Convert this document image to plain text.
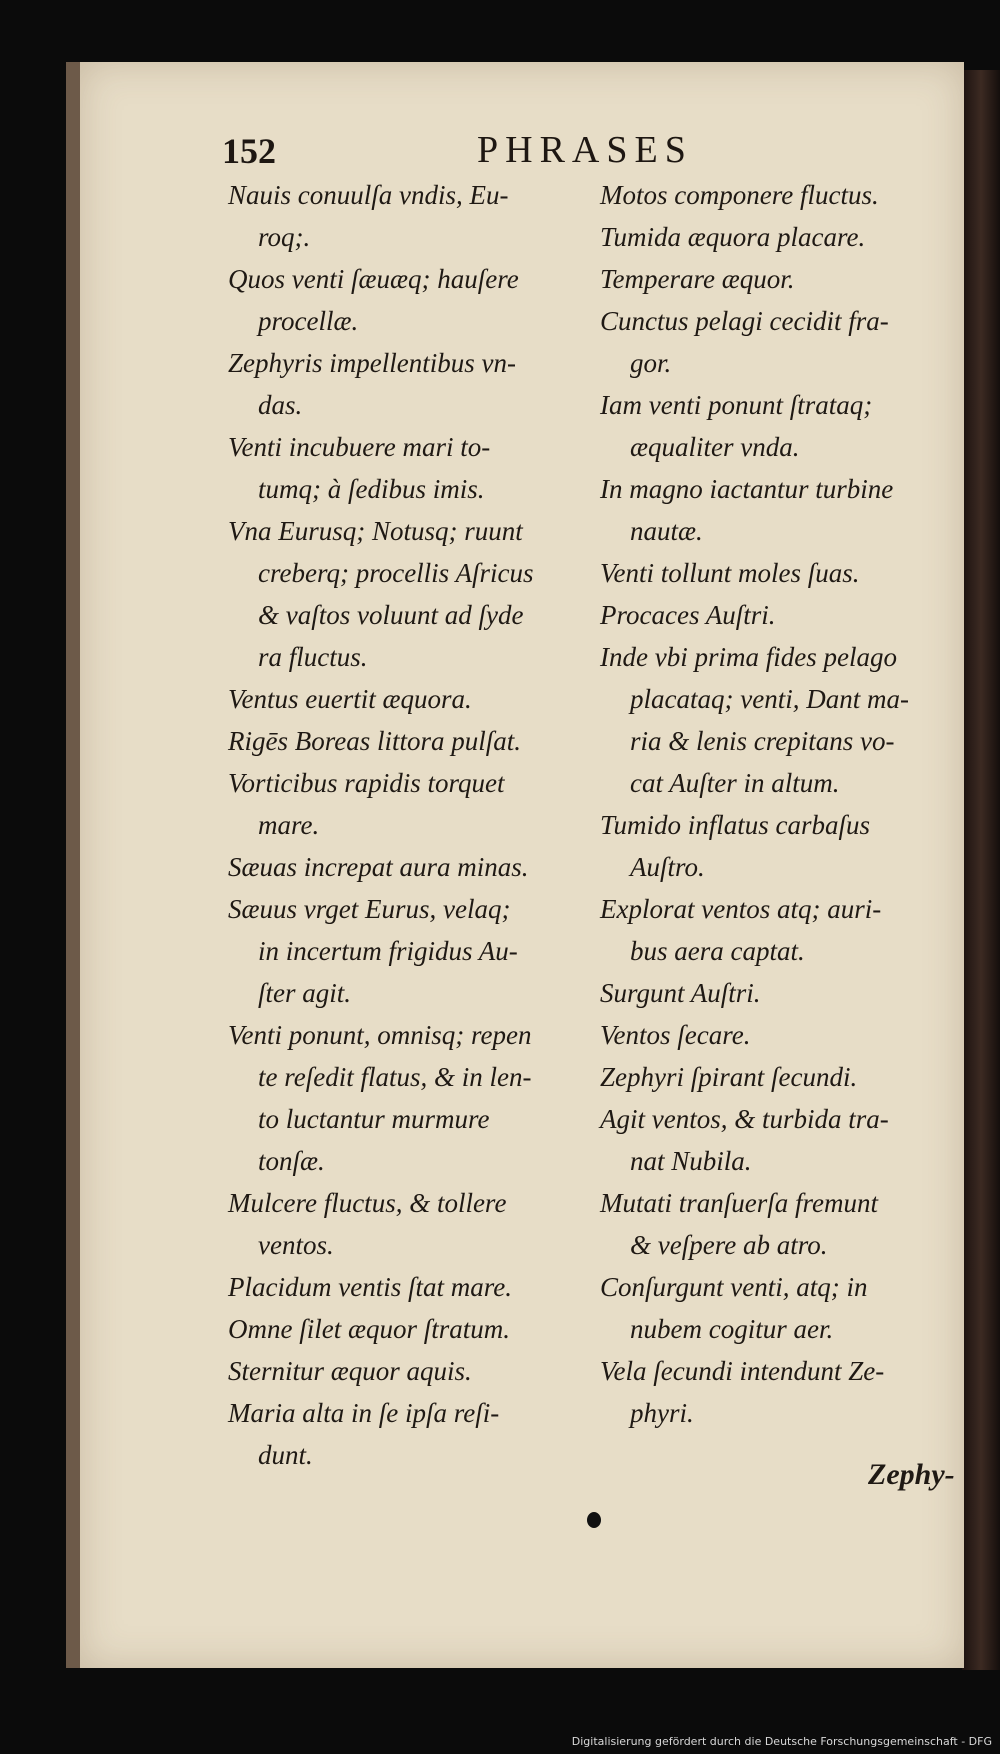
152	PHRASES
Nauis conuulſa vndis, Eu-
roq;.
Quos venti ſæuæq; hauſere
procellæ.
Zephyris impellentibus vn-
das.
Venti incubuere mari to-
tumq; à ſedibus imis.
Vna Eurusq; Notusq; ruunt
creberq; procellis Aſricus
& vaſtos voluunt ad ſyde
ra fluctus.
Ventus euertit æquora.
Rigēs Boreas littora pulſat.
Vorticibus rapidis torquet
mare.
Sæuas increpat aura minas.
Sæuus vrget Eurus, velaq;
in incertum frigidus Au-
ſter agit.
Venti ponunt, omnisq; repen
te reſedit flatus, & in len-
to luctantur murmure
tonſæ.
Mulcere fluctus, & tollere
ventos.
Placidum ventis ſtat mare.
Omne ſilet æquor ſtratum.
Sternitur æquor aquis.
Maria alta in ſe ipſa reſi-
dunt.
Motos componere fluctus.
Tumida æquora placare.
Temperare æquor.
Cunctus pelagi cecidit fra-
gor.
Iam venti ponunt ſtrataq;
æqualiter vnda.
In magno iactantur turbine
nautæ.
Venti tollunt moles ſuas.
Procaces Auſtri.
Inde vbi prima fides pelago
placataq; venti, Dant ma-
ria & lenis crepitans vo-
cat Auſter in altum.
Tumido inflatus carbaſus
Auſtro.
Explorat ventos atq; auri-
bus aera captat.
Surgunt Auſtri.
Ventos ſecare.
Zephyri ſpirant ſecundi.
Agit ventos, & turbida tra-
nat Nubila.
Mutati tranſuerſa fremunt
& veſpere ab atro.
Conſurgunt venti, atq; in
nubem cogitur aer.
Vela ſecundi intendunt Ze-
phyri.
Zephy-
Digitalisierung gefördert durch die Deutsche Forschungsgemeinschaft - DFG
